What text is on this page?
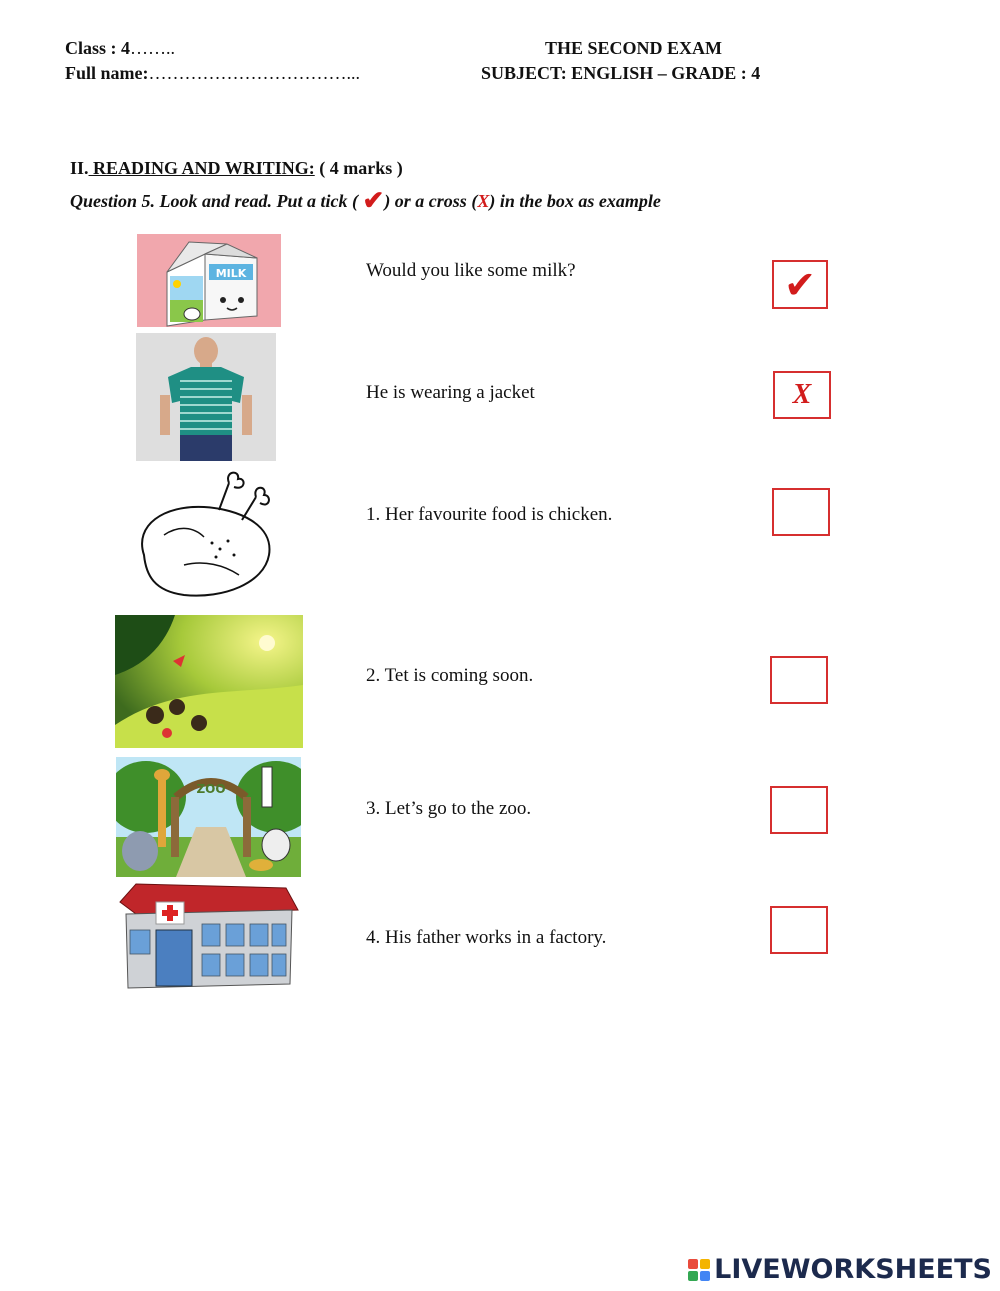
Class : 4……..
Full name:……………………………...
THE SECOND EXAM
SUBJECT: ENGLISH – GRADE : 4
II. READING AND WRITING: ( 4 marks )
Question 5. Look and read. Put a tick ( ✔) or a cross (X) in the box as example
MILK	Would you like some milk?	✔
He is wearing a jacket	X
1. Her favourite food is chicken.
2. Tet is coming soon.
ZOO
3. Let’s go to the zoo.
4. His father works in a factory.
LIVEWORKSHEETS
